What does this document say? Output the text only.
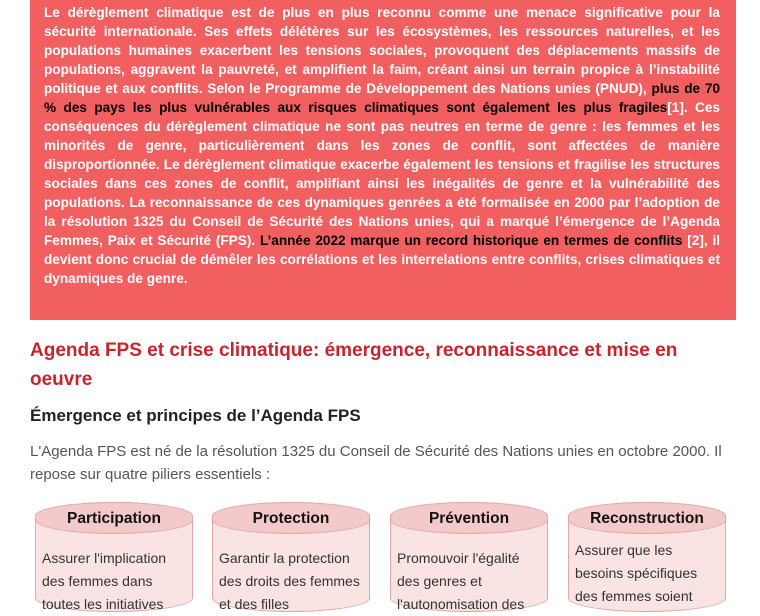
Le dérèglement climatique est de plus en plus reconnu comme une menace significative pour la sécurité internationale. Ses effets délétères sur les écosystèmes, les ressources naturelles, et les populations humaines exacerbent les tensions sociales, provoquent des déplacements massifs de populations, aggravent la pauvreté, et amplifient la faim, créant ainsi un terrain propice à l’instabilité politique et aux conflits. Selon le Programme de Développement des Nations unies (PNUD), plus de 70 % des pays les plus vulnérables aux risques climatiques sont également les plus fragiles[1]. Ces conséquences du dérèglement climatique ne sont pas neutres en terme de genre : les femmes et les minorités de genre, particulièrement dans les zones de conflit, sont affectées de manière disproportionnée. Le dérèglement climatique exacerbe également les tensions et fragilise les structures sociales dans ces zones de conflit, amplifiant ainsi les inégalités de genre et la vulnérabilité des populations. La reconnaissance de ces dynamiques genrées a été formalisée en 2000 par l’adoption de la résolution 1325 du Conseil de Sécurité des Nations unies, qui a marqué l’émergence de l’Agenda Femmes, Paix et Sécurité (FPS). L’année 2022 marque un record historique en termes de conflits [2], il devient donc crucial de démêler les corrélations et les interrelations entre conflits, crises climatiques et dynamiques de genre.

Agenda FPS et crise climatique: émergence, reconnaissance et mise en oeuvre
Émergence et principes de l’Agenda FPS

L'Agenda FPS est né de la résolution 1325 du Conseil de Sécurité des Nations unies en octobre 2000. Il repose sur quatre piliers essentiels :

Participation

Assurer l'implication des femmes dans toutes les initiatives

Protection

Garantir la protection des droits des femmes et des filles

Prévention

Promouvoir l'égalité des genres et l'autonomisation des

Reconstruction

Assurer que les besoins spécifiques des femmes soient
